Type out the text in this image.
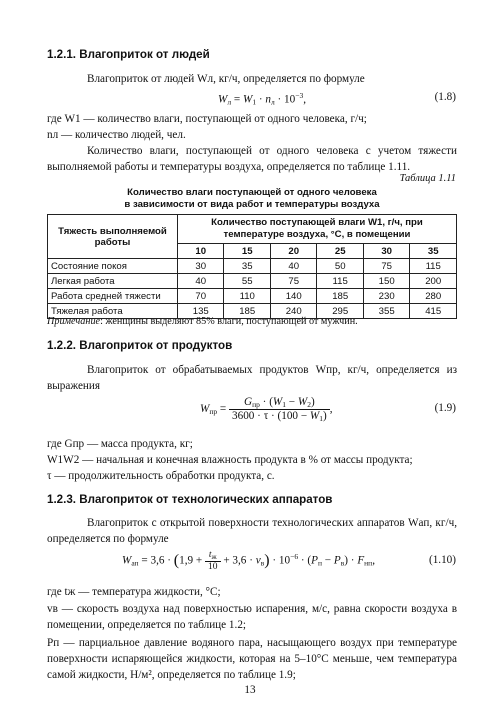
1.2.1. Влагоприток от людей
Влагоприток от людей Wл, кг/ч, определяется по формуле
$W_л = W_1 \cdot n_л \cdot 10^{-3}$,	(1.8)
где W1 — количество влаги, поступающей от одного человека, г/ч;
nл — количество людей, чел.
Количество влаги, поступающей от одного человека с учетом тяжести выполняемой работы и температуры воздуха, определяется по таблице 1.11.
Таблица 1.11
Количество влаги поступающей от одного человека
в зависимости от вида работ и температуры воздуха
Тяжесть выполняемой работы	Количество поступающей влаги W1, г/ч, при температуре воздуха, °С, в помещении					
	10	15	20	25	30	35
Состояние покоя	30	35	40	50	75	115
Легкая работа	40	55	75	115	150	200
Работа средней тяжести	70	110	140	185	230	280
Тяжелая работа	135	185	240	295	355	415
Примечание: женщины выделяют 85% влаги, поступающей от мужчин.
1.2.2. Влагоприток от продуктов
Влагоприток от обрабатываемых продуктов Wпр, кг/ч, определяется из выражения
$W_{пр} = \frac{G_{пр} \cdot (W_1 - W_2)}{3600 \cdot \tau \cdot (100 - W_1)}$ ,	(1.9)
где Gпр — масса продукта, кг;
W1W2 — начальная и конечная влажность продукта в % от массы продукта;
τ — продолжительность обработки продукта, с.
1.2.3. Влагоприток от технологических аппаратов
Влагоприток с открытой поверхности технологических аппаратов Wап, кг/ч, определяется по формуле
$W_{ап} = 3,6 \cdot (1,9 + \frac{t_ж}{10} + 3,6 \cdot v_в) \cdot 10^{-6} \cdot (P_п - P_в) \cdot F_{нп}$,	(1.10)
где tж — температура жидкости, °С;
vв — скорость воздуха над поверхностью испарения, м/с, равна скорости воздуха в помещении, определяется по таблице 1.2;
Pп — парциальное давление водяного пара, насыщающего воздух при температуре поверхности испаряющейся жидкости, которая на 5–10°С меньше, чем температура самой жидкости, Н/м², определяется по таблице 1.9;
13
